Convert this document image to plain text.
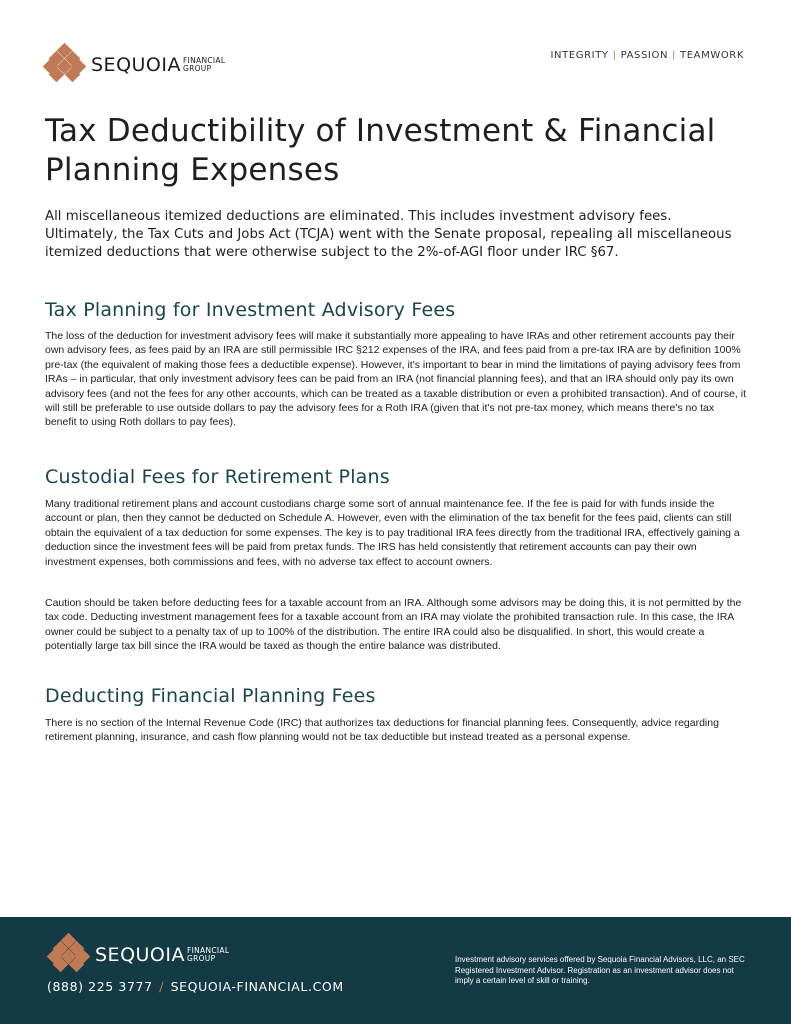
SEQUOIA FINANCIAL
GROUP
INTEGRITY | PASSION | TEAMWORK
Tax Deductibility of Investment & Financial Planning Expenses

All miscellaneous itemized deductions are eliminated. This includes investment advisory fees. Ultimately, the Tax Cuts and Jobs Act (TCJA) went with the Senate proposal, repealing all miscellaneous itemized deductions that were otherwise subject to the 2%-of-AGI floor under IRC §67.

Tax Planning for Investment Advisory Fees

The loss of the deduction for investment advisory fees will make it substantially more appealing to have IRAs and other retirement accounts pay their own advisory fees, as fees paid by an IRA are still permissible IRC §212 expenses of the IRA, and fees paid from a pre-tax IRA are by definition 100% pre-tax (the equivalent of making those fees a deductible expense). However, it's important to bear in mind the limitations of paying advisory fees from IRAs – in particular, that only investment advisory fees can be paid from an IRA (not financial planning fees), and that an IRA should only pay its own advisory fees (and not the fees for any other accounts, which can be treated as a taxable distribution or even a prohibited transaction). And of course, it will still be preferable to use outside dollars to pay the advisory fees for a Roth IRA (given that it's not pre-tax money, which means there's no tax benefit to using Roth dollars to pay fees).

Custodial Fees for Retirement Plans

Many traditional retirement plans and account custodians charge some sort of annual maintenance fee. If the fee is paid for with funds inside the account or plan, then they cannot be deducted on Schedule A. However, even with the elimination of the tax benefit for the fees paid, clients can still obtain the equivalent of a tax deduction for some expenses. The key is to pay traditional IRA fees directly from the traditional IRA, effectively gaining a deduction since the investment fees will be paid from pretax funds. The IRS has held consistently that retirement accounts can pay their own investment expenses, both commissions and fees, with no adverse tax effect to account owners.

Caution should be taken before deducting fees for a taxable account from an IRA. Although some advisors may be doing this, it is not permitted by the tax code. Deducting investment management fees for a taxable account from an IRA may violate the prohibited transaction rule. In this case, the IRA owner could be subject to a penalty tax of up to 100% of the distribution. The entire IRA could also be disqualified. In short, this would create a potentially large tax bill since the IRA would be taxed as though the entire balance was distributed.

Deducting Financial Planning Fees

There is no section of the Internal Revenue Code (IRC) that authorizes tax deductions for financial planning fees. Consequently, advice regarding retirement planning, insurance, and cash flow planning would not be tax deductible but instead treated as a personal expense.

SEQUOIA FINANCIAL
GROUP
(888) 225 3777 / SEQUOIA-FINANCIAL.COM

Investment advisory services offered by Sequoia Financial Advisors, LLC, an SEC Registered Investment Advisor. Registration as an investment advisor does not imply a certain level of skill or training.
